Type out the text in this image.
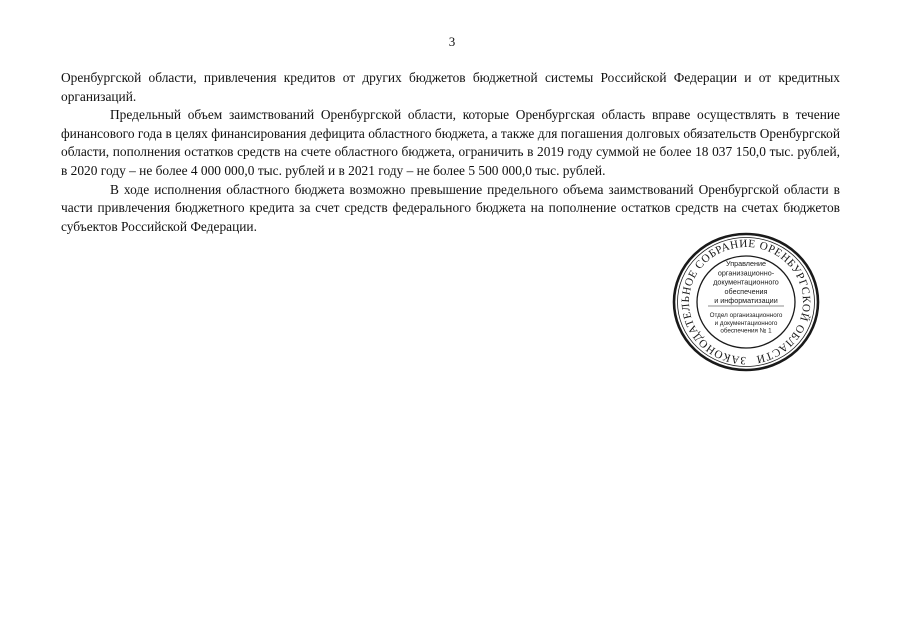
3

Оренбургской области, привлечения кредитов от других бюджетов бюджетной системы Российской Федерации и от кредитных организаций.

Предельный объем заимствований Оренбургской области, которые Оренбургская область вправе осуществлять в течение финансового года в целях финансирования дефицита областного бюджета, а также для погашения долговых обязательств Оренбургской области, пополнения остатков средств на счете областного бюджета, ограничить в 2019 году суммой не более 18 037 150,0 тыс. рублей, в 2020 году – не более 4 000 000,0 тыс. рублей и в 2021 году – не более 5 500 000,0 тыс. рублей.

В ходе исполнения областного бюджета возможно превышение предельного объема заимствований Оренбургской области в части привлечения бюджетного кредита за счет средств федерального бюджета на пополнение остатков средств на счетах бюджетов субъектов Российской Федерации.

ЗАКОНОДАТЕЛЬНОЕ СОБРАНИЕ ОРЕНБУРГСКОЙ ОБЛАСТИ
Управление
организационно-
документационного
обеспечения
и информатизации
Отдел организационного
и документационного
обеспечения № 1
